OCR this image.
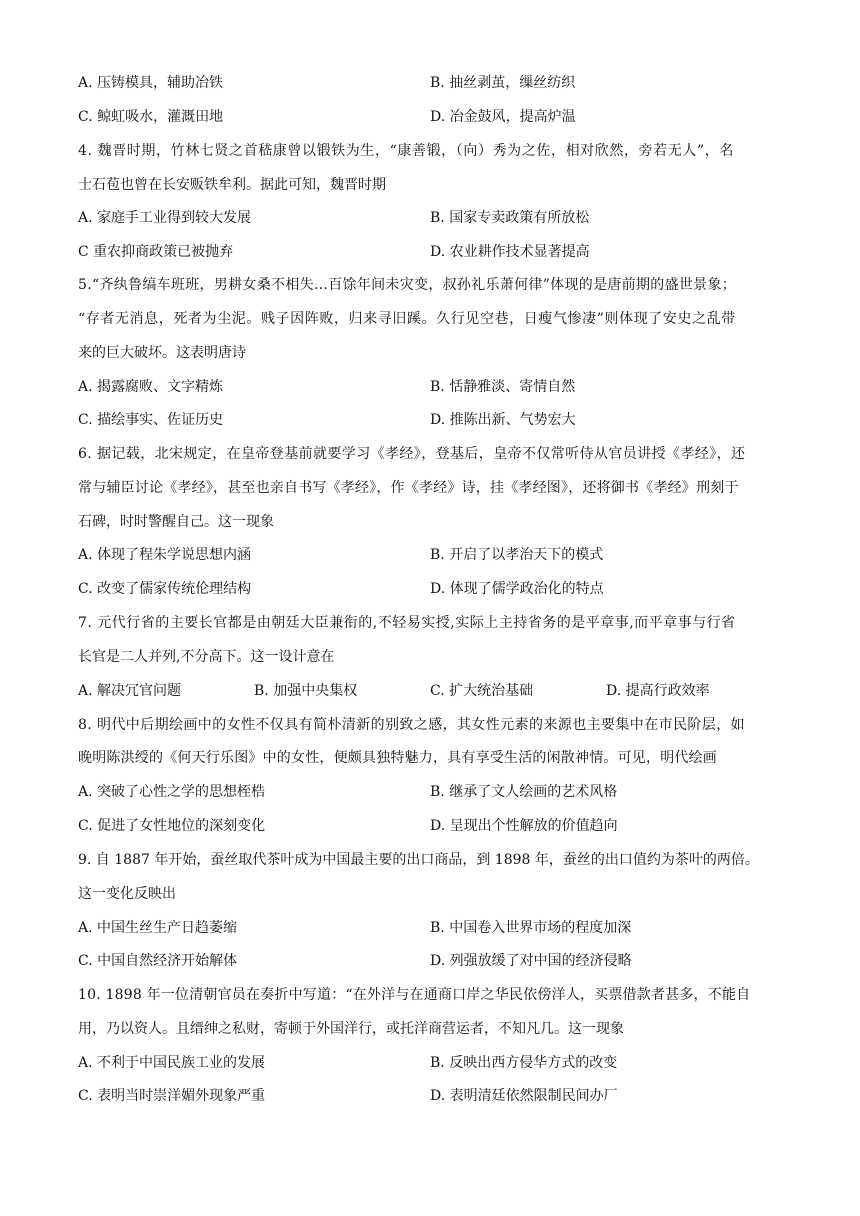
A. 压铸模具，辅助冶铁	B. 抽丝剥茧，缫丝纺织
C. 鲸虹吸水，灌溉田地	D. 冶金鼓风，提高炉温
4. 魏晋时期，竹林七贤之首嵇康曾以锻铁为生，“康善锻，（向）秀为之佐，相对欣然，旁若无人”，名
士石苞也曾在长安贩铁牟利。据此可知，魏晋时期
A. 家庭手工业得到较大发展	B. 国家专卖政策有所放松
C 重农抑商政策已被抛弃	D. 农业耕作技术显著提高
5.“齐纨鲁缟车班班，男耕女桑不相失…百馀年间未灾变，叔孙礼乐萧何律”体现的是唐前期的盛世景象；
“存者无消息，死者为尘泥。贱子因阵败，归来寻旧蹊。久行见空巷，日瘦气惨凄”则体现了安史之乱带
来的巨大破坏。这表明唐诗
A. 揭露腐败、文字精炼	B. 恬静雅淡、寄情自然
C. 描绘事实、佐证历史	D. 推陈出新、气势宏大
6. 据记载，北宋规定，在皇帝登基前就要学习《孝经》，登基后，皇帝不仅常听侍从官员讲授《孝经》，还
常与辅臣讨论《孝经》，甚至也亲自书写《孝经》，作《孝经》诗，挂《孝经图》，还将御书《孝经》刑刻于
石碑，时时警醒自己。这一现象
A. 体现了程朱学说思想内涵	B. 开启了以孝治天下的模式
C. 改变了儒家传统伦理结构	D. 体现了儒学政治化的特点
7. 元代行省的主要长官都是由朝廷大臣兼衔的,不轻易实授,实际上主持省务的是平章事,而平章事与行省
长官是二人并列,不分高下。这一设计意在
A. 解决冗官问题	B. 加强中央集权	C. 扩大统治基础	D. 提高行政效率
8. 明代中后期绘画中的女性不仅具有简朴清新的别致之感，其女性元素的来源也主要集中在市民阶层，如
晚明陈洪绶的《何天行乐图》中的女性，便颇具独特魅力，具有享受生活的闲散神情。可见，明代绘画
A. 突破了心性之学的思想桎梏	B. 继承了文人绘画的艺术风格
C. 促进了女性地位的深刻变化	D. 呈现出个性解放的价值趋向
9. 自 1887 年开始，蚕丝取代茶叶成为中国最主要的出口商品，到 1898 年，蚕丝的出口值约为茶叶的两倍。
这一变化反映出
A. 中国生丝生产日趋萎缩	B. 中国卷入世界市场的程度加深
C. 中国自然经济开始解体	D. 列强放缓了对中国的经济侵略
10. 1898 年一位清朝官员在奏折中写道：“在外洋与在通商口岸之华民依傍洋人，买票借款者甚多，不能自
用，乃以资人。且缙绅之私财，寄顿于外国洋行，或托洋商营运者，不知凡几。这一现象
A. 不利于中国民族工业的发展	B. 反映出西方侵华方式的改变
C. 表明当时崇洋媚外现象严重	D. 表明清廷依然限制民间办厂
